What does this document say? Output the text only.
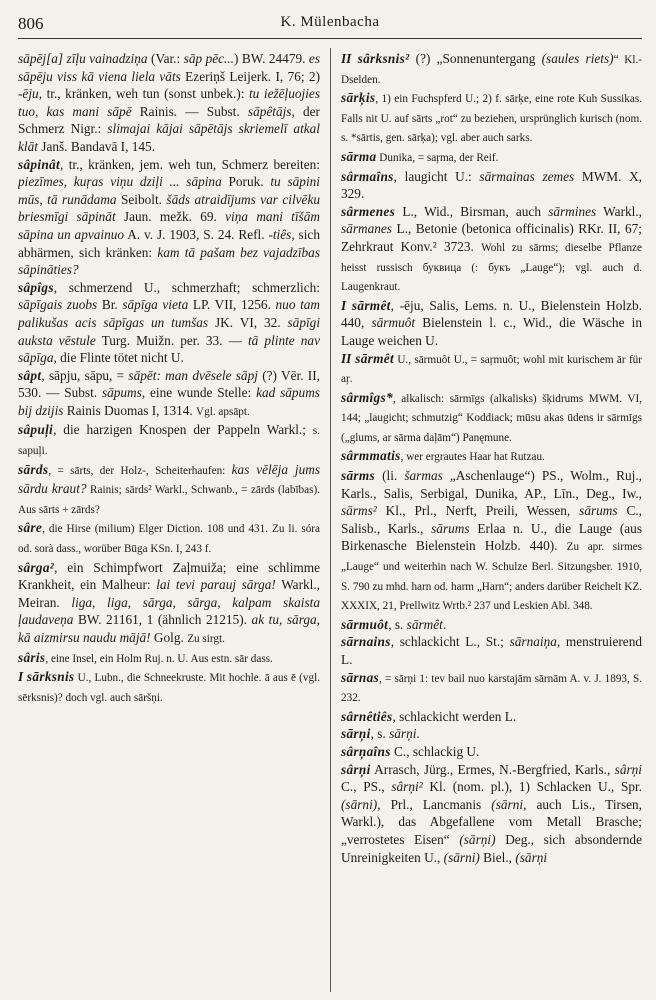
806	K. Mülenbacha

sāpēj[a] zīļu vainadziņa (Var.: sāp pēc...) BW. 24479. es sāpēju viss kā viena liela vāts Ezeriņš Leijerk. I, 76; 2) -ēju, tr., kränken, weh tun (sonst unbek.): tu iežēļuojies tuo, kas mani sāpē Rainis. — Subst. sāpêtājs, der Schmerz Nigr.: slimajai kājai sāpētājs skriemelī atkal klāt Janš. Bandavā I, 145.

sâpinât, tr., kränken, jem. weh tun, Schmerz bereiten: piezīmes, kuŗas viņu dziļi ... sāpina Poruk. tu sāpini mūs, tā runādama Seibolt. šāds atraidījums var cilvēku briesmīgi sāpināt Jaun. mežk. 69. viņa mani tīšām sāpina un apvainuo A. v. J. 1903, S. 24. Refl. -tiês, sich abhärmen, sich kränken: kam tā pašam bez vajadzības sāpināties?

sâpîgs, schmerzend U., schmerzhaft; schmerzlich: sāpīgais zuobs Br. sāpīga vieta LP. VII, 1256. nuo tam palikušas acis sāpīgas un tumšas JK. VI, 32. sāpīgi auksta vēstule Turg. Muižn. per. 33. — tā plinte nav sāpīga, die Flinte tötet nicht U.

sâpt, sāpju, sāpu, = sāpēt: man dvēsele sāpj (?) Vēr. II, 530. — Subst. sāpums, eine wunde Stelle: kad sāpums bij dzijis Rainis Duomas I, 1314. Vgl. apsāpt.

sâpuļi, die harzigen Knospen der Pappeln Warkl.; s. sapuļi.

sārds, = sārts, der Holz-, Scheiterhaufen: kas vēlēja jums sārdu kraut? Rainis; sārds² Warkl., Schwanb., = zārds (labības). Aus sārts + zārds?

sâre, die Hirse (milium) Elger Diction. 108 und 431. Zu li. sóra od. sorà dass., worüber Būga KSn. I, 243 f.

sârga², ein Schimpfwort Zaļmuiža; eine schlimme Krankheit, ein Malheur: lai tevi parauj sārga! Warkl., Meiran. liga, liga, sārga, sārga, kalpam skaista ļaudaveņa BW. 21161, 1 (ähnlich 21215). ak tu, sārga, kā aizmirsu naudu mājā! Golg. Zu sirgt.

sâris, eine Insel, ein Holm Ruj. n. U. Aus estn. sār dass.

I sārksnis U., Lubn., die Schneekruste. Mit hochle. ā aus ē (vgl. sērksnis)? doch vgl. auch sāršņi.

II sârksnis² (?) „Sonnenuntergang (saules riets)“ Kl.-Dselden.

sārķis, 1) ein Fuchspferd U.; 2) f. sārķe, eine rote Kuh Sussikas. Falls nit U. auf sārts „rot“ zu beziehen, ursprünglich kurisch (nom. s. *sārtis, gen. sārķa); vgl. aber auch sarks.

sārma Dunika, = saŗma, der Reif.

sârmaîns, laugicht U.: sārmainas zemes MWM. X, 329.

sârmenes L., Wid., Birsman, auch sārmines Warkl., sārmanes L., Betonie (betonica officinalis) RKr. II, 67; Zehrkraut Konv.² 3723. Wohl zu sārms; dieselbe Pflanze heisst russisch буквица (: букъ „Lauge“); vgl. auch d. Laugenkraut.

I sārmêt, -ēju, Salis, Lems. n. U., Bielenstein Holzb. 440, sārmuôt Bielenstein l. c., Wid., die Wäsche in Lauge weichen U.

II sārmêt U., sārmuôt U., = saŗmuôt; wohl mit kurischem ār für aŗ.

sârmîgs*, alkalisch: sārmīgs (alkalisks) šķidrums MWM. VI, 144; „laugicht; schmutzig“ Koddiack; mūsu akas ūdens ir sārmīgs („glums, ar sārma daļām“) Panęmune.

sârmmatis, wer ergrautes Haar hat Rutzau.

sārms (li. šarmas „Aschenlauge“) PS., Wolm., Ruj., Karls., Salis, Serbigal, Dunika, AP., Līn., Deg., Iw., sārms² Kl., Prl., Nerft, Preili, Wessen, sārums C., Salisb., Karls., sārums Erlaa n. U., die Lauge (aus Birkenasche Bielenstein Holzb. 440). Zu apr. sirmes „Lauge“ und weiterhin nach W. Schulze Berl. Sitzungsber. 1910, S. 790 zu mhd. harn od. harm „Harn“; anders darüber Reichelt KZ. XXXIX, 21, Prellwitz Wrtb.² 237 und Leskien Abl. 348.

sārmuôt, s. sārmêt.

sārnains, schlackicht L., St.; sārnaiņa, menstruierend L.

sārnas, = sārņi 1: tev bail nuo karstajām sārnām A. v. J. 1893, S. 232.

sârnêtiês, schlackicht werden L.

sārņi, s. sārņi.

sârņaîns C., schlackig U.

sârņi Arrasch, Jürg., Ermes, N.-Bergfried, Karls., sârņi C., PS., sârņi² Kl. (nom. pl.), 1) Schlacken U., Spr. (sārni), Prl., Lancmanis (sārni, auch Lis., Tirsen, Warkl.), das Abgefallene vom Metall Brasche; „verrostetes Eisen“ (sārņi) Deg., sich absondernde Unreinigkeiten U., (sārni) Biel., (sārņi
